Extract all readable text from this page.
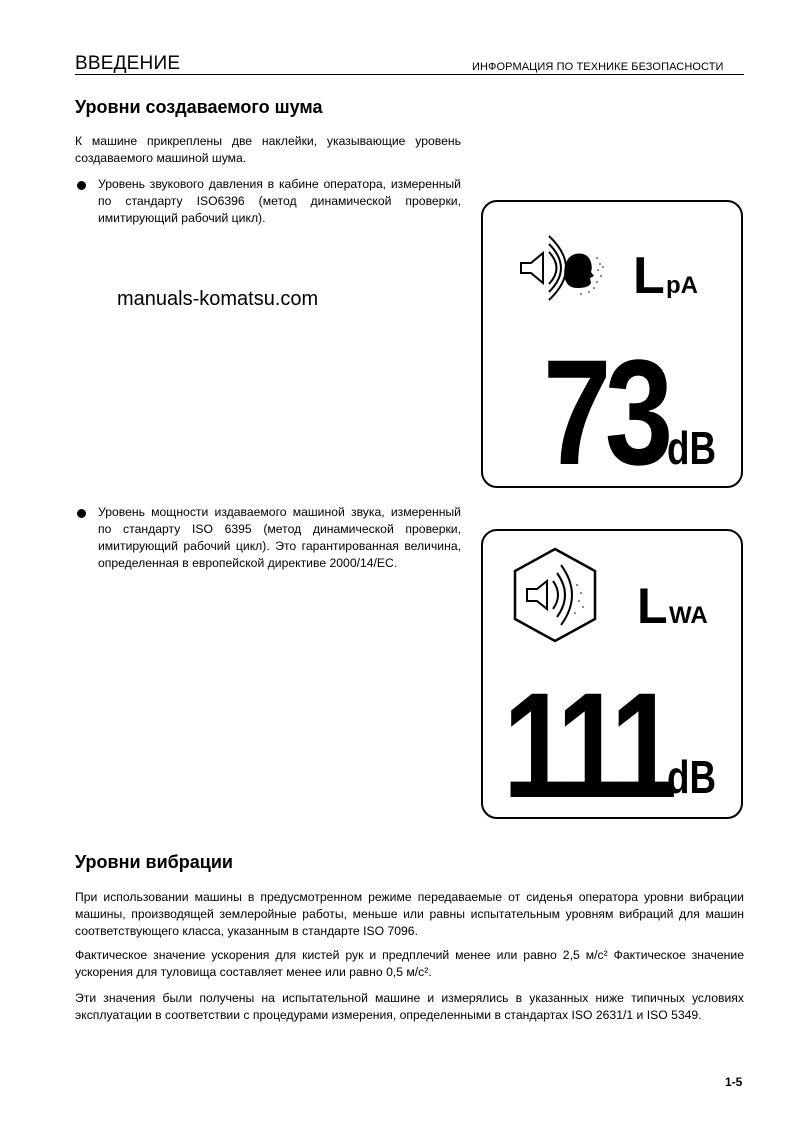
ВВЕДЕНИЕ	ИНФОРМАЦИЯ ПО ТЕХНИКЕ БЕЗОПАСНОСТИ
Уровни создаваемого шума
К машине прикреплены две наклейки, указывающие уровень создаваемого машиной шума.
Уровень звукового давления в кабине оператора, измеренный по стандарту ISO6396 (метод динамической проверки, имитирующий рабочий цикл).
manuals-komatsu.com
Уровень мощности издаваемого машиной звука, измеренный по стандарту ISO 6395 (метод динамической проверки, имитирующий рабочий цикл). Это гарантированная величина, определенная в европейской директиве 2000/14/EC.
L pA
73 dB
L WA
111
dB
Уровни вибрации
При использовании машины в предусмотренном режиме передаваемые от сиденья оператора уровни вибрации машины, производящей землеройные работы, меньше или равны испытательным уровням вибраций для машин соответствующего класса, указанным в стандарте ISO 7096.
Фактическое значение ускорения для кистей рук и предплечий менее или равно 2,5 м/с² Фактическое значение ускорения для туловища составляет менее или равно 0,5 м/с².
Эти значения были получены на испытательной машине и измерялись в указанных ниже типичных условиях эксплуатации в соответствии с процедурами измерения, определенными в стандартах ISO 2631/1 и ISO 5349.
1-5
